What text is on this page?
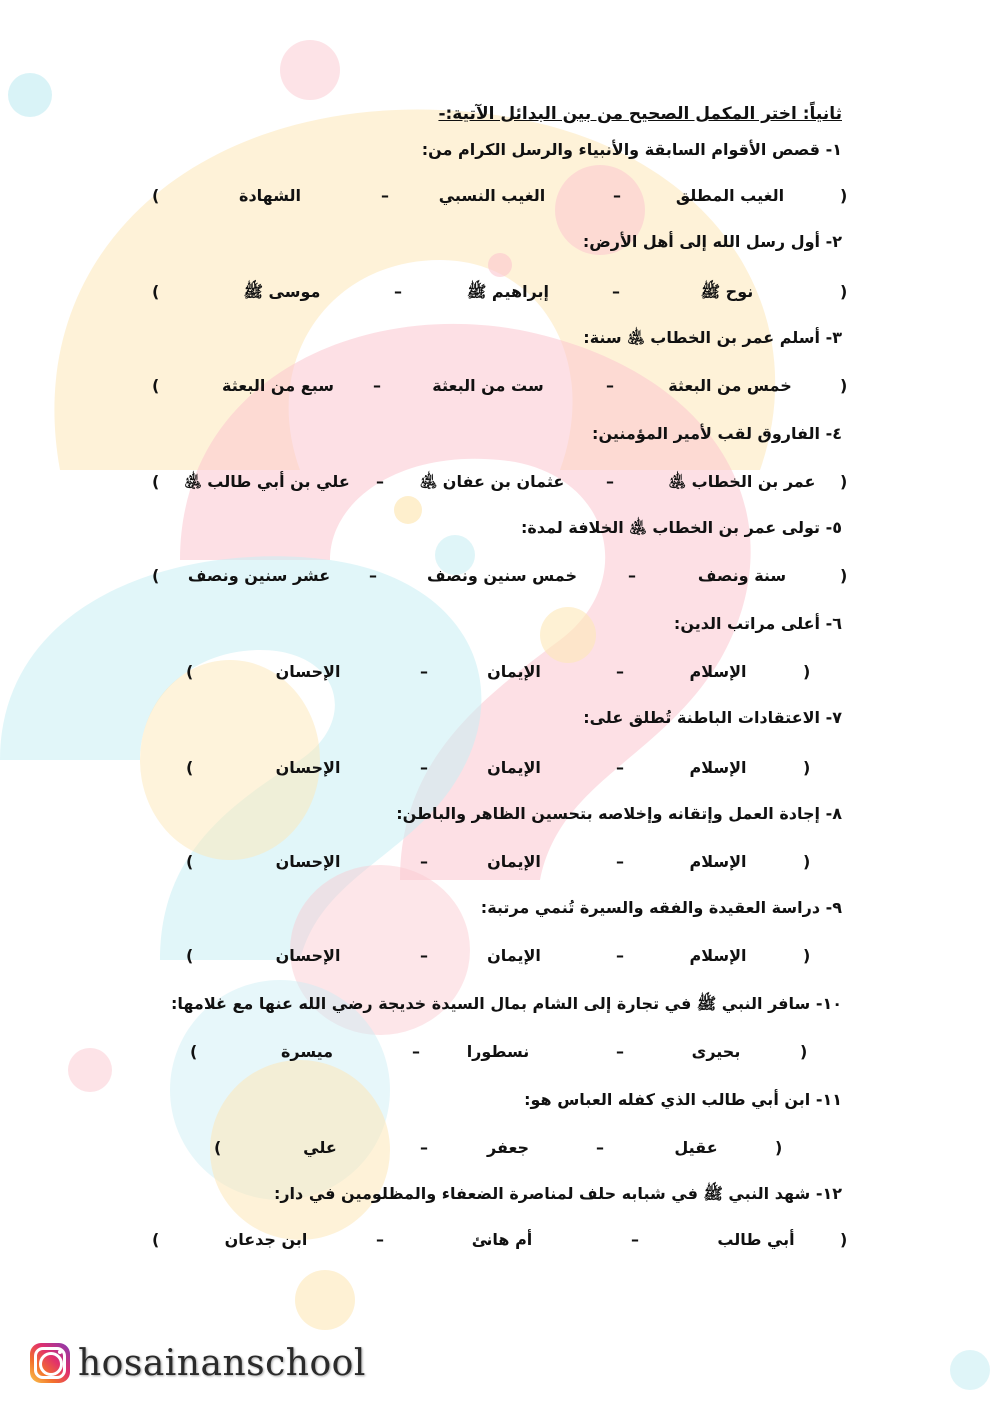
ثانياً: اختر المكمل الصحيح من بين البدائل الآتية:-
١- قصص الأقوام السابقة والأنبياء والرسل الكرام من:
(
الغيب المطلق
الغيب النسبي
الشهادة	–
–
)
٢- أول رسل الله إلى أهل الأرض:
(
نوح ﷺ
إبراهيم ﷺ
موسى ﷺ	–
–
)
٣- أسلم عمر بن الخطاب ﵁ سنة:
(
خمس من البعثة
ست من البعثة
سبع من البعثة	–
–
)
٤- الفاروق لقب لأمير المؤمنين:
(
عمر بن الخطاب ﵁
عثمان بن عفان ﵁
علي بن أبي طالب ﵁	–
–
)
٥- تولى عمر بن الخطاب ﵁ الخلافة لمدة:
(
سنة ونصف
خمس سنين ونصف
عشر سنين ونصف	–
–
)
٦- أعلى مراتب الدين:
(
الإسلام
الإيمان
الإحسان	–
–
)
٧- الاعتقادات الباطنة تُطلق على:
(
الإسلام
الإيمان
الإحسان	–
–
)
٨- إجادة العمل وإتقانه وإخلاصه بتحسين الظاهر والباطن:
(
الإسلام
الإيمان
الإحسان	–
–
)
٩- دراسة العقيدة والفقه والسيرة تُنمي مرتبة:
(
الإسلام
الإيمان
الإحسان	–
–
)
١٠- سافر النبي ﷺ في تجارة إلى الشام بمال السيدة خديجة رضي الله عنها مع غلامها:
(
بحيرى
نسطورا
ميسرة	–
–
)
١١- ابن أبي طالب الذي كفله العباس هو:
(
عقيل
جعفر
علي	–
–
)
١٢- شهد النبي ﷺ في شبابه حلف لمناصرة الضعفاء والمظلومين في دار:
(
أبي طالب
أم هانئ
ابن جدعان	–
–
)
hosainanschool
